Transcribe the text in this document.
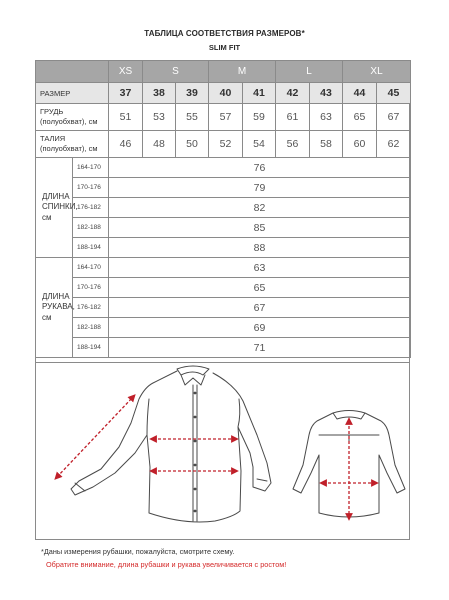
ТАБЛИЦА СООТВЕТСТВИЯ РАЗМЕРОВ*
SLIM FIT
		XS	S		M		L		XL	
РАЗМЕР		37	38	39	40	41	42	43	44	45
ГРУДЬ
(полуобхват), см		51	53	55	57	59	61	63	65	67
ТАЛИЯ
(полуобхват), см		46	48	50	52	54	56	58	60	62
ДЛИНА
СПИНКИ,
см	164-170	76								
	170-176	79								
	176-182	82								
	182-188	85								
	188-194	88								
ДЛИНА
РУКАВА,
см	164-170	63								
	170-176	65								
	176-182	67								
	182-188	69								
	188-194	71								
*Даны измерения рубашки, пожалуйста, смотрите схему.
Обратите внимание, длина рубашки и рукава увеличивается с ростом!
